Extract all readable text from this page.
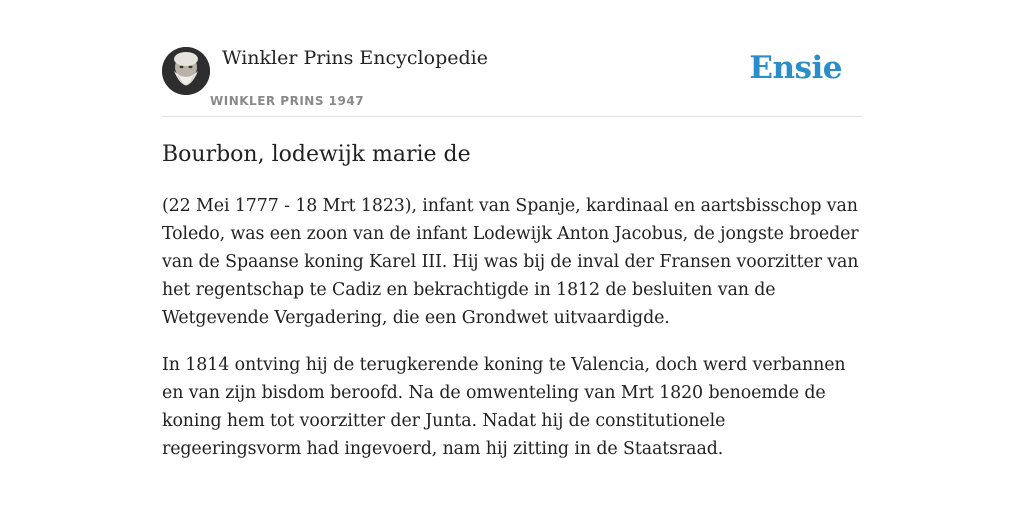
Winkler Prins Encyclopedie
WINKLER PRINS 1947
Ensie
Bourbon, lodewijk marie de

(22 Mei 1777 - 18 Mrt 1823), infant van Spanje, kardinaal en aartsbisschop van Toledo, was een zoon van de infant Lodewijk Anton Jacobus, de jongste broeder van de Spaanse koning Karel III. Hij was bij de inval der Fransen voorzitter van het regentschap te Cadiz en bekrachtigde in 1812 de besluiten van de Wetgevende Vergadering, die een Grondwet uitvaardigde.

In 1814 ontving hij de terugkerende koning te Valencia, doch werd verbannen en van zijn bisdom beroofd. Na de omwenteling van Mrt 1820 benoemde de koning hem tot voorzitter der Junta. Nadat hij de constitutionele regeeringsvorm had ingevoerd, nam hij zitting in de Staatsraad.
